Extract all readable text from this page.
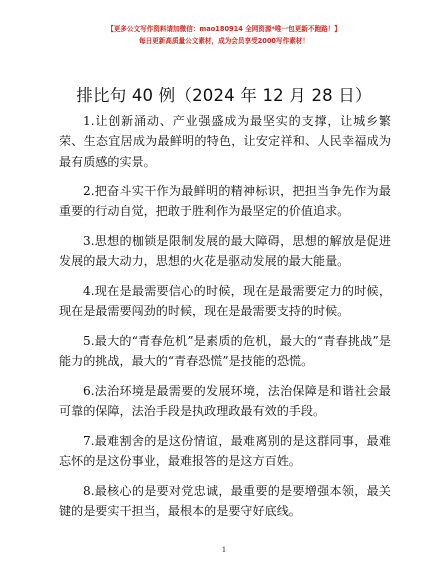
【更多公文写作资料请加微信：mao180914 全网资源*唯一包更新不跑路！】
每日更新高质量公文素材，成为会员享受2000写作素材！
排比句 40 例（2024 年 12 月 28 日）

1.让创新涌动、产业强盛成为最坚实的支撑，让城乡繁荣、生态宜居成为最鲜明的特色，让安定祥和、人民幸福成为最有质感的实景。

2.把奋斗实干作为最鲜明的精神标识，把担当争先作为最重要的行动自觉，把敢于胜利作为最坚定的价值追求。

3.思想的枷锁是限制发展的最大障碍，思想的解放是促进发展的最大动力，思想的火花是驱动发展的最大能量。

4.现在是最需要信心的时候，现在是最需要定力的时候，现在是最需要闯劲的时候，现在是最需要支持的时候。

5.最大的“青春危机”是素质的危机，最大的“青春挑战”是能力的挑战，最大的“青春恐慌”是技能的恐慌。

6.法治环境是最需要的发展环境，法治保障是和谐社会最可靠的保障，法治手段是执政理政最有效的手段。

7.最难割舍的是这份情谊，最难离别的是这群同事，最难忘怀的是这份事业，最难报答的是这方百姓。

8.最核心的是要对党忠诚，最重要的是要增强本领，最关键的是要实干担当，最根本的是要守好底线。

1
